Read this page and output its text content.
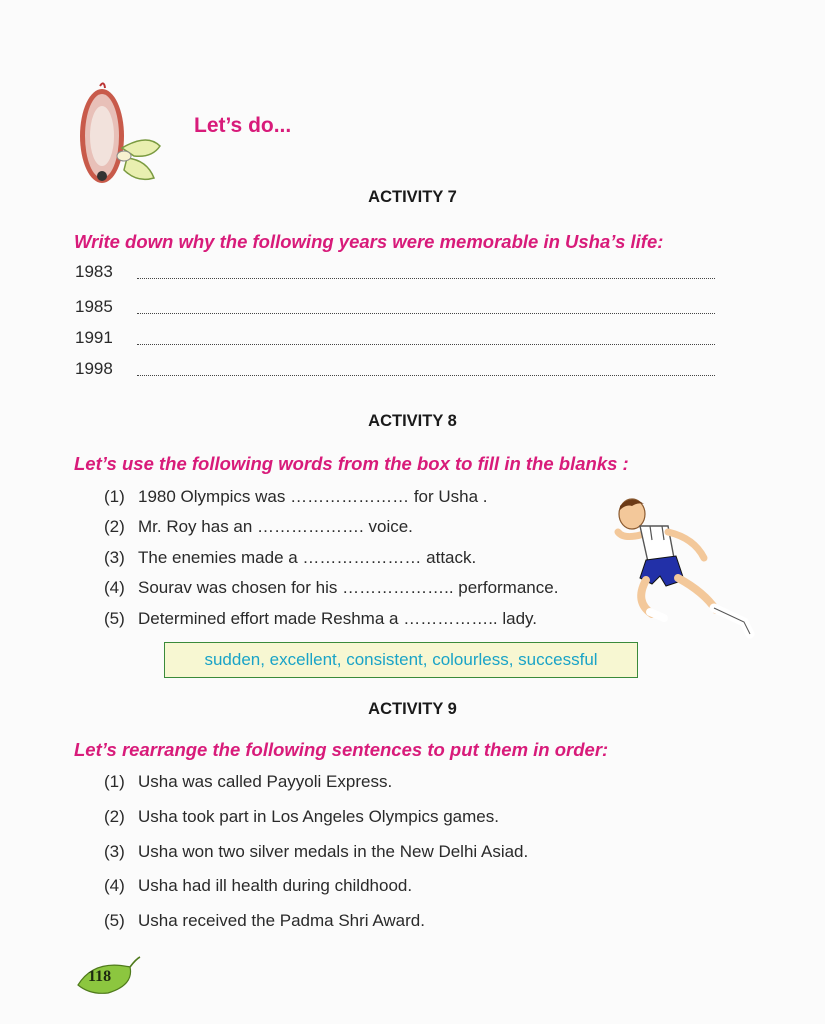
Let’s do...
ACTIVITY 7
Write down why the following years were memorable in Usha’s life:
1983
1985
1991
1998
ACTIVITY 8
Let’s use the following words from the box to fill in the blanks :
(1) 1980 Olympics was ………………… for Usha .
(2) Mr. Roy has an ………………. voice.
(3) The enemies made a ………………… attack.
(4) Sourav was chosen for his ……………….. performance.
(5) Determined effort made Reshma a …………….. lady.
sudden, excellent, consistent, colourless, successful
ACTIVITY 9
Let’s rearrange the following sentences to put them in order:
(1) Usha was called Payyoli Express.
(2) Usha took part in Los Angeles Olympics games.
(3) Usha won two silver medals in the New Delhi Asiad.
(4) Usha had ill health during childhood.
(5) Usha received the Padma Shri Award.
118
